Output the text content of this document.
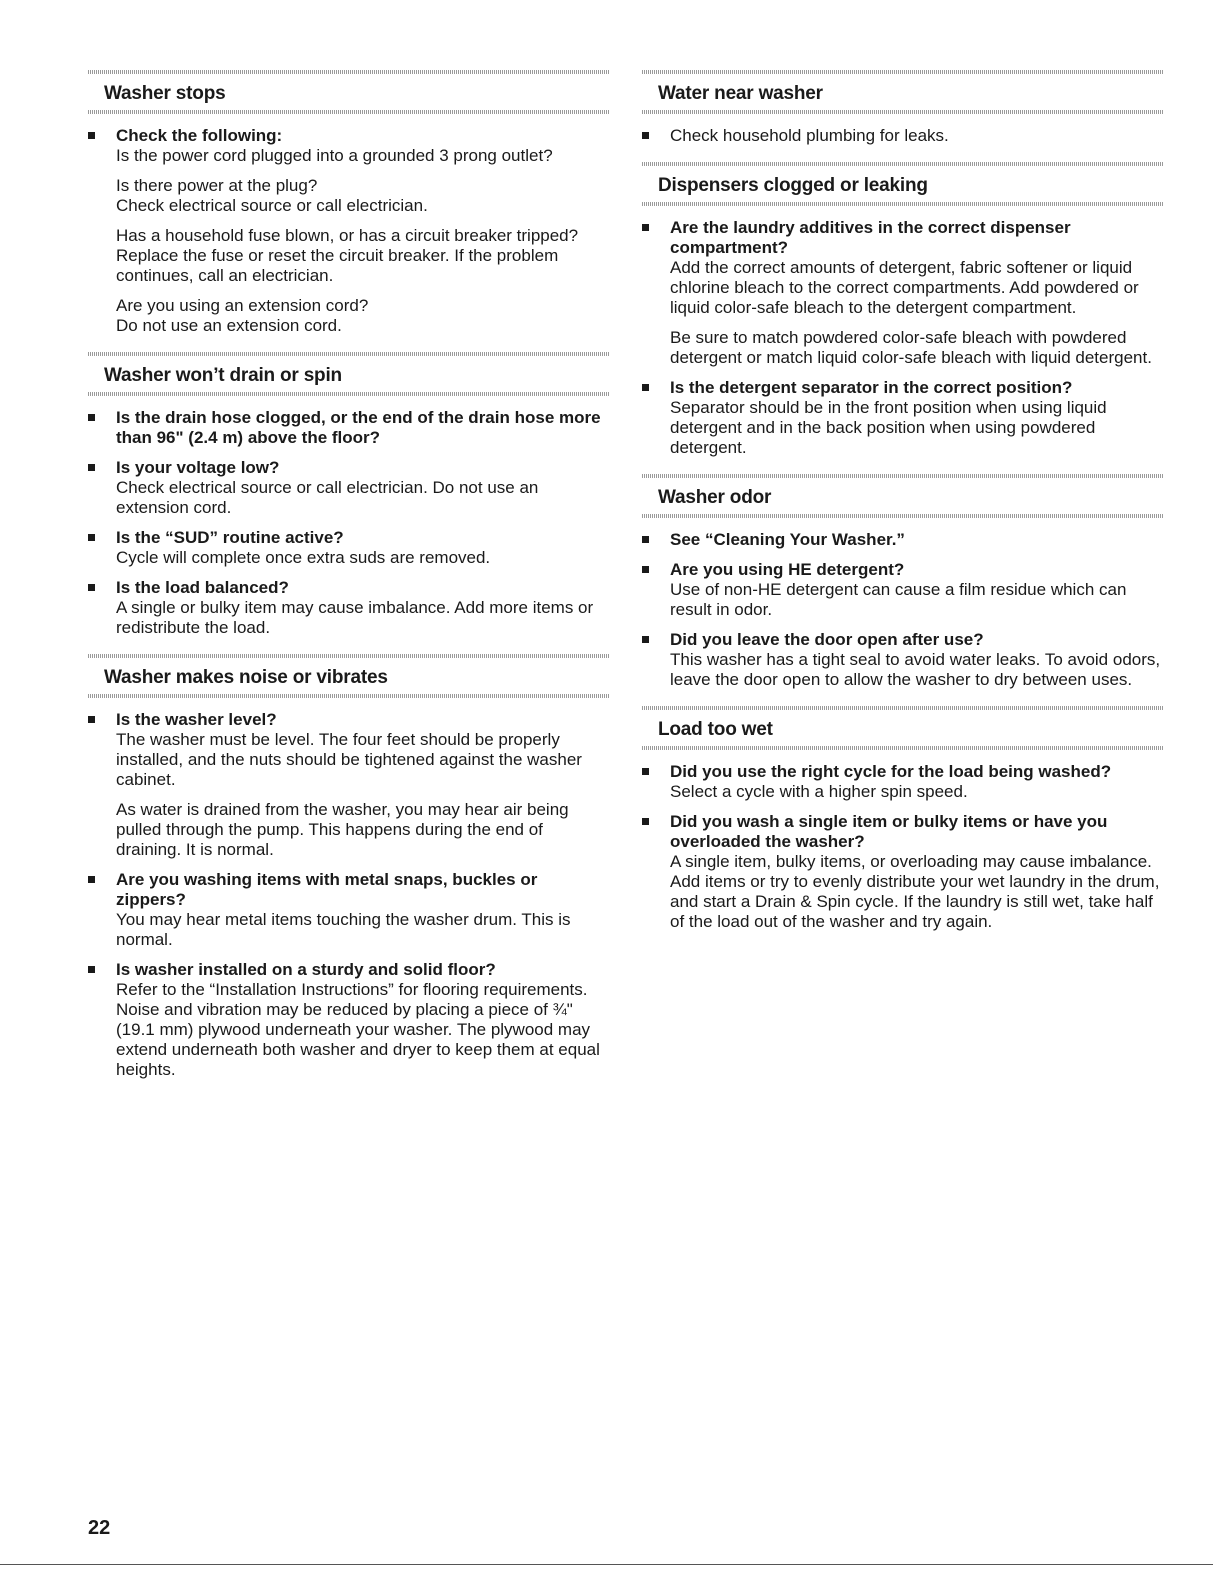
Washer stops
Check the following:

Is the power cord plugged into a grounded 3 prong outlet?

Is there power at the plug?
Check electrical source or call electrician.

Has a household fuse blown, or has a circuit breaker tripped? Replace the fuse or reset the circuit breaker. If the problem continues, call an electrician.

Are you using an extension cord?
Do not use an extension cord.

Washer won’t drain or spin
Is the drain hose clogged, or the end of the drain hose more than 96" (2.4 m) above the floor?
Is your voltage low?

Check electrical source or call electrician. Do not use an extension cord.

Is the “SUD” routine active?

Cycle will complete once extra suds are removed.

Is the load balanced?

A single or bulky item may cause imbalance. Add more items or redistribute the load.

Washer makes noise or vibrates
Is the washer level?

The washer must be level. The four feet should be properly installed, and the nuts should be tightened against the washer cabinet.

As water is drained from the washer, you may hear air being pulled through the pump. This happens during the end of draining. It is normal.

Are you washing items with metal snaps, buckles or zippers?

You may hear metal items touching the washer drum. This is normal.

Is washer installed on a sturdy and solid floor?

Refer to the “Installation Instructions” for flooring requirements. Noise and vibration may be reduced by placing a piece of ¾" (19.1 mm) plywood underneath your washer. The plywood may extend underneath both washer and dryer to keep them at equal heights.

Water near washer

Check household plumbing for leaks.

Dispensers clogged or leaking
Are the laundry additives in the correct dispenser compartment?

Add the correct amounts of detergent, fabric softener or liquid chlorine bleach to the correct compartments. Add powdered or liquid color-safe bleach to the detergent compartment.

Be sure to match powdered color-safe bleach with powdered detergent or match liquid color-safe bleach with liquid detergent.

Is the detergent separator in the correct position?

Separator should be in the front position when using liquid detergent and in the back position when using powdered detergent.

Washer odor
See “Cleaning Your Washer.”
Are you using HE detergent?

Use of non-HE detergent can cause a film residue which can result in odor.

Did you leave the door open after use?

This washer has a tight seal to avoid water leaks. To avoid odors, leave the door open to allow the washer to dry between uses.

Load too wet
Did you use the right cycle for the load being washed?

Select a cycle with a higher spin speed.

Did you wash a single item or bulky items or have you overloaded the washer?

A single item, bulky items, or overloading may cause imbalance. Add items or try to evenly distribute your wet laundry in the drum, and start a Drain & Spin cycle. If the laundry is still wet, take half of the load out of the washer and try again.

22
